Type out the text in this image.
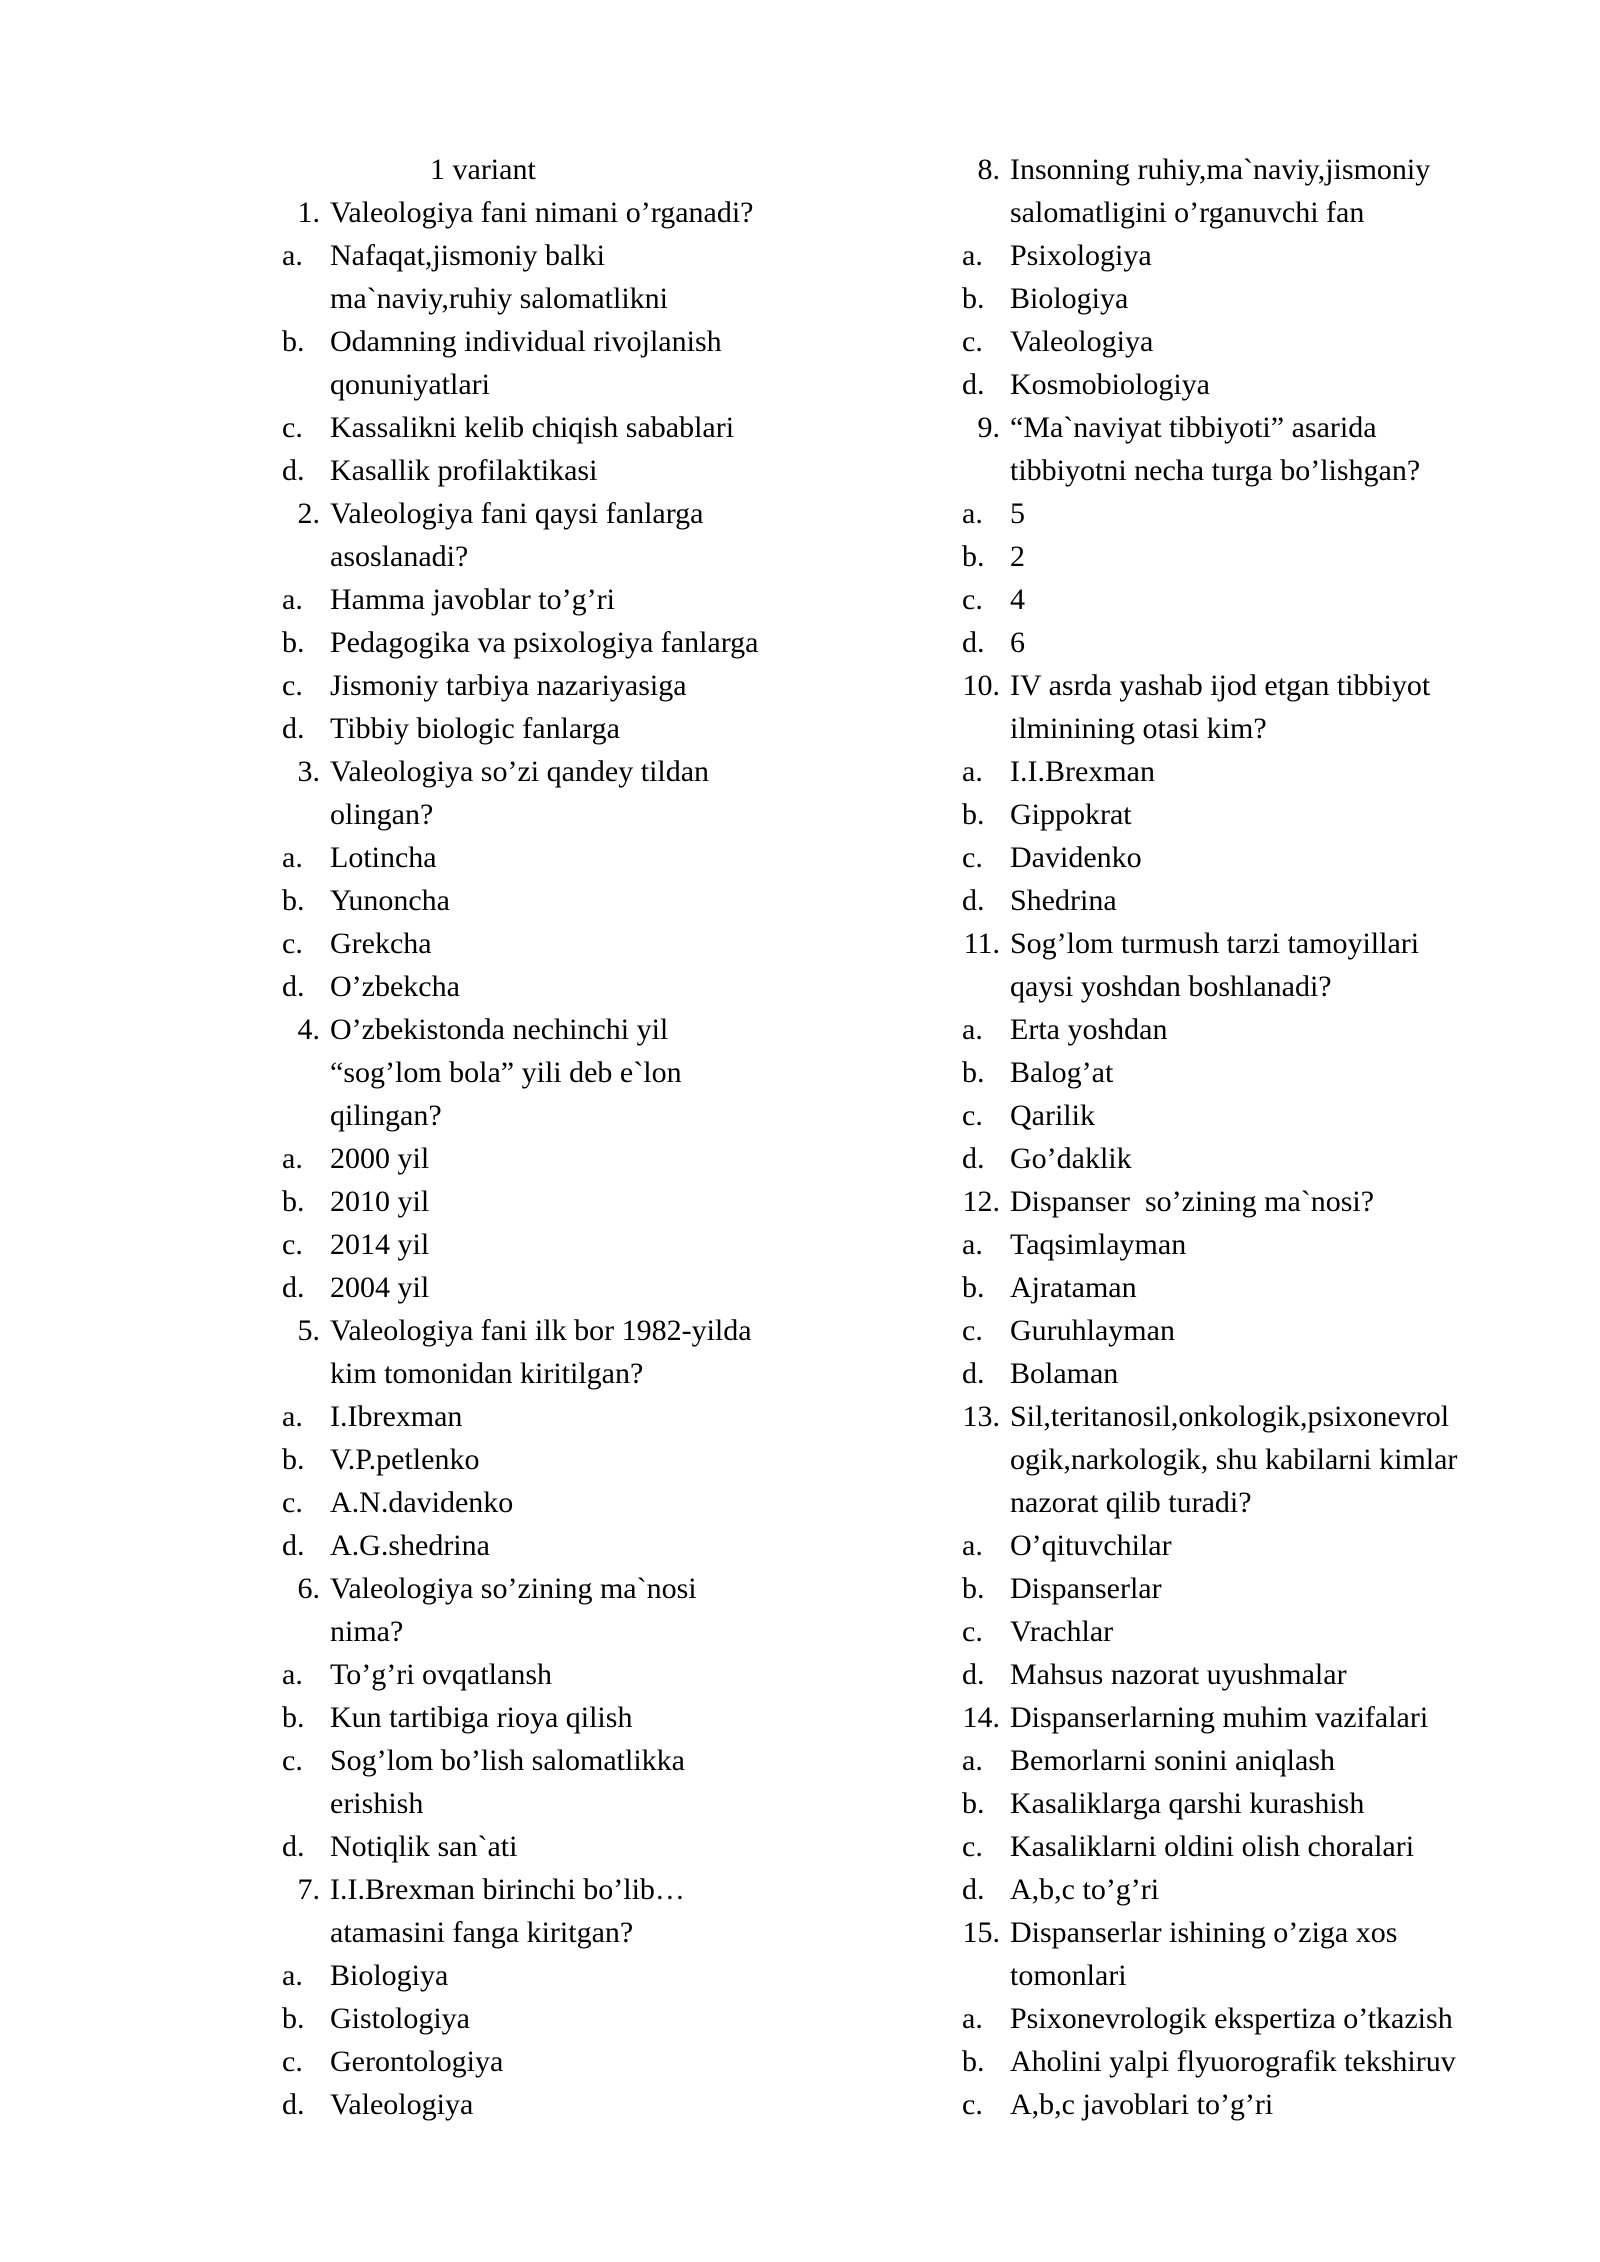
1 variant
1. Valeologiya fani nimani o’rganadi?
a. Nafaqat,jismoniy balki
ma`naviy,ruhiy salomatlikni
b. Odamning individual rivojlanish
qonuniyatlari
c. Kassalikni kelib chiqish sabablari
d. Kasallik profilaktikasi
2. Valeologiya fani qaysi fanlarga
asoslanadi?
a. Hamma javoblar to’g’ri
b. Pedagogika va psixologiya fanlarga
c. Jismoniy tarbiya nazariyasiga
d. Tibbiy biologic fanlarga
3. Valeologiya so’zi qandey tildan
olingan?
a. Lotincha
b. Yunoncha
c. Grekcha
d. O’zbekcha
4. O’zbekistonda nechinchi yil
“sog’lom bola” yili deb e`lon
qilingan?
a. 2000 yil
b. 2010 yil
c. 2014 yil
d. 2004 yil
5. Valeologiya fani ilk bor 1982-yilda
kim tomonidan kiritilgan?
a. I.Ibrexman
b. V.P.petlenko
c. A.N.davidenko
d. A.G.shedrina
6. Valeologiya so’zining ma`nosi
nima?
a. To’g’ri ovqatlansh
b. Kun tartibiga rioya qilish
c. Sog’lom bo’lish salomatlikka
erishish
d. Notiqlik san`ati
7. I.I.Brexman birinchi bo’lib…
atamasini fanga kiritgan?
a. Biologiya
b. Gistologiya
c. Gerontologiya
d. Valeologiya
8. Insonning ruhiy,ma`naviy,jismoniy
salomatligini o’rganuvchi fan
a. Psixologiya
b. Biologiya
c. Valeologiya
d. Kosmobiologiya
9. “Ma`naviyat tibbiyoti” asarida
tibbiyotni necha turga bo’lishgan?
a. 5
b. 2
c. 4
d. 6
10. IV asrda yashab ijod etgan tibbiyot
ilminining otasi kim?
a. I.I.Brexman
b. Gippokrat
c. Davidenko
d. Shedrina
11. Sog’lom turmush tarzi tamoyillari
qaysi yoshdan boshlanadi?
a. Erta yoshdan
b. Balog’at
c. Qarilik
d. Go’daklik
12. Dispanser  so’zining ma`nosi?
a. Taqsimlayman
b. Ajrataman
c. Guruhlayman
d. Bolaman
13. Sil,teritanosil,onkologik,psixonevrol
ogik,narkologik, shu kabilarni kimlar
nazorat qilib turadi?
a. O’qituvchilar
b. Dispanserlar
c. Vrachlar
d. Mahsus nazorat uyushmalar
14. Dispanserlarning muhim vazifalari
a. Bemorlarni sonini aniqlash
b. Kasaliklarga qarshi kurashish
c. Kasaliklarni oldini olish choralari
d. A,b,c to’g’ri
15. Dispanserlar ishining o’ziga xos
tomonlari
a. Psixonevrologik ekspertiza o’tkazish
b. Aholini yalpi flyuorografik tekshiruv
c. A,b,c javoblari to’g’ri
